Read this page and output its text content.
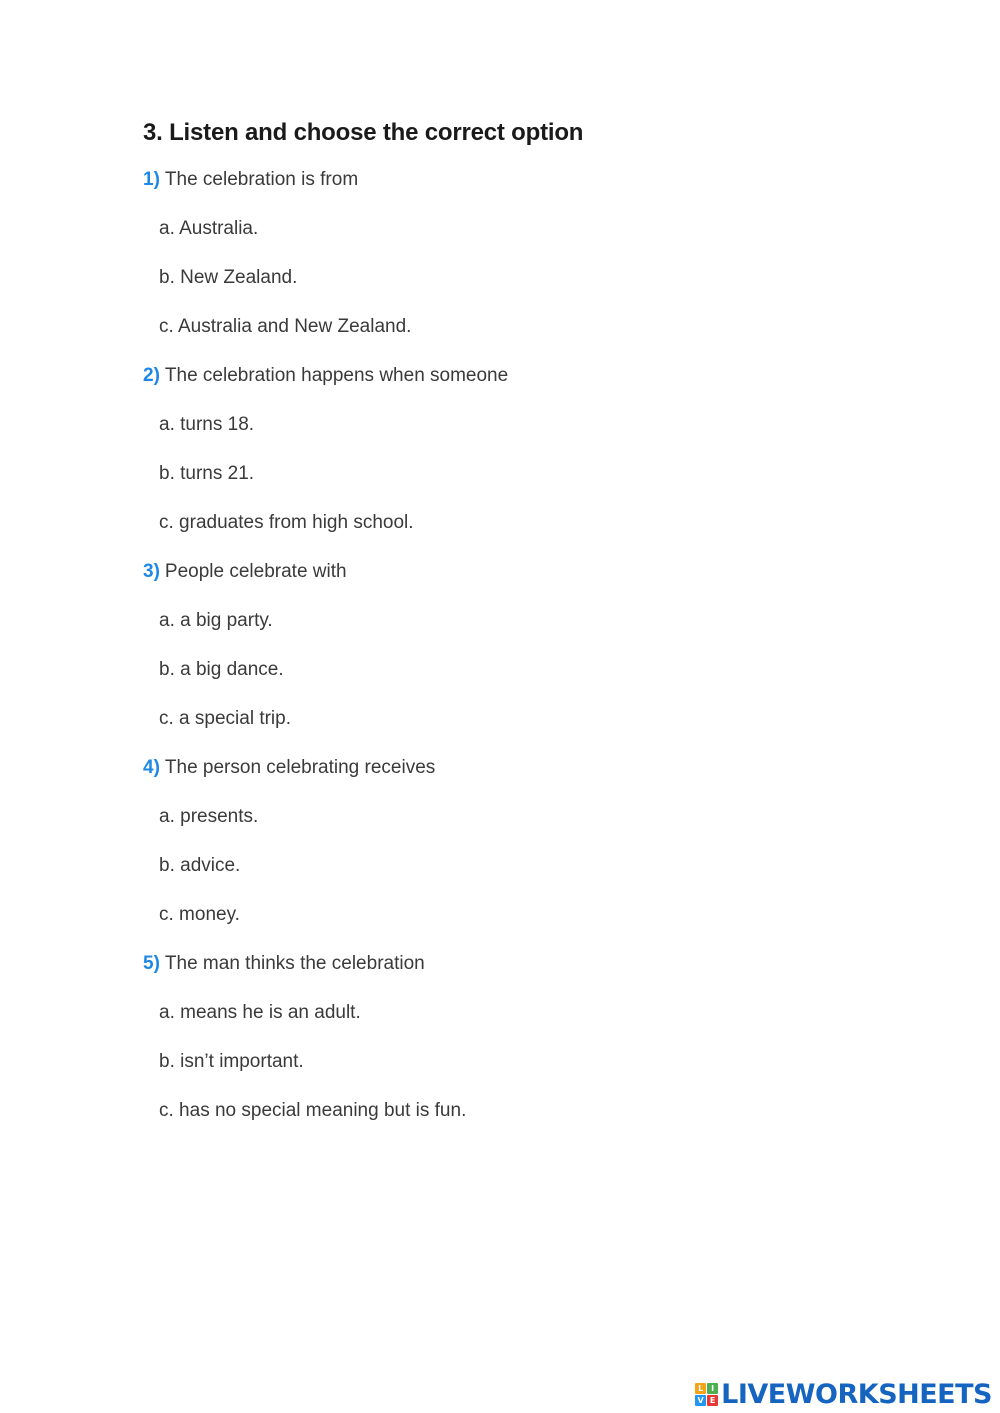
3. Listen and choose the correct option
1) The celebration is from
a. Australia.
b. New Zealand.
c. Australia and New Zealand.
2) The celebration happens when someone
a. turns 18.
b. turns 21.
c. graduates from high school.
3) People celebrate with
a. a big party.
b. a big dance.
c. a special trip.
4) The person celebrating receives
a. presents.
b. advice.
c. money.
5) The man thinks the celebration
a. means he is an adult.
b. isn’t important.
c. has no special meaning but is fun.
L I
V E LIVEWORKSHEETS
